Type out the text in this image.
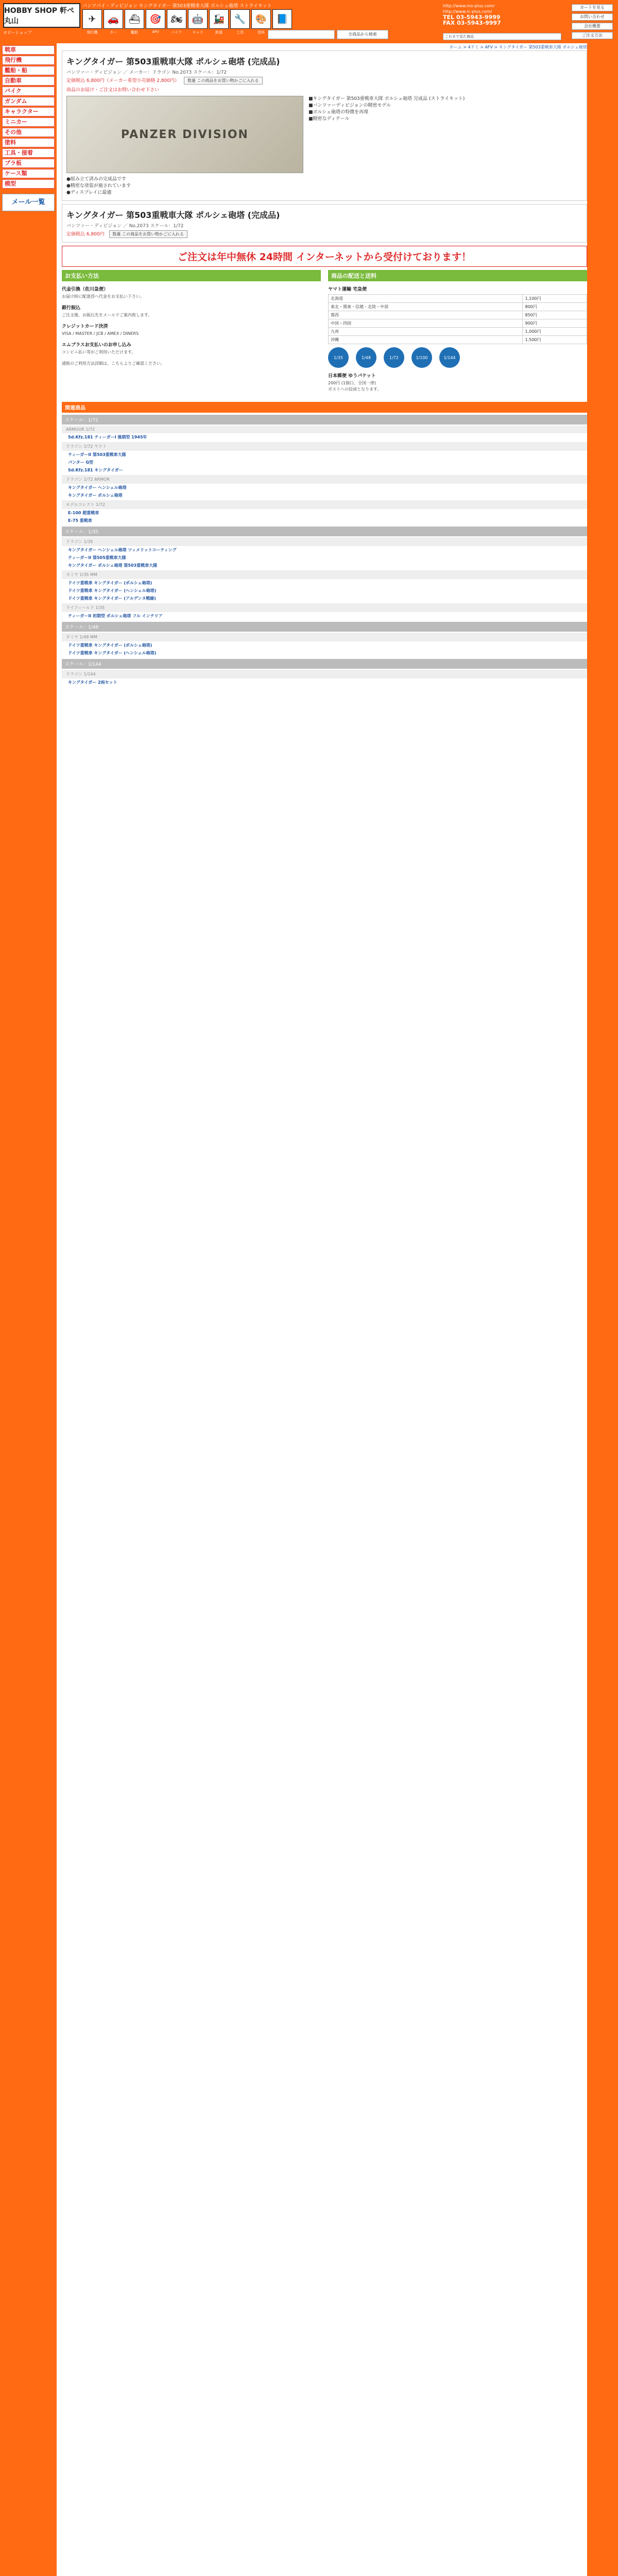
HOBBY SHOP 軒ぺ丸山
ホビーショップ
バンツパイ・ディビジョン キングタイガー 第503重戦車大隊 ポルシェ砲塔 ストライキット
✈	🚗	⛴	🎯	🏍	🤖	🚂	🔧	🎨	📘
飛行機	カー	艦船	AFV	バイク	キャラ	鉄道	工具	塗料	全商品から検索
http://www.mo-plus.com/
http://www.rc-plus.com/
TEL 03-5943-9999
FAX 03-5943-9997
これまで見た商品
カートを見る
お問い合わせ
会社概要
ご注文方法
戦車
飛行機
艦船・船
自動車
バイク
ガンダム
キャラクター
ミニカー
その他
塗料
工具・接着
ブラ板
ケース類
模型
メール一覧
ホーム > 4ドミ > AFV > キングタイガー 第503重戦車大隊 ポルシェ砲塔
キングタイガー 第503重戦車大隊 ポルシェ砲塔 (完成品)
パンツァー・ディビジョン ／ メーカー：ドラゴン No.2073 スケール：1/72
定価税込 6,800円（メーカー希望小売価格 2,800円） 数量 この商品をお買い物かごに入れる
商品のお届け・ご注文はお問い合わせ下さい
PANZER DIVISION
■キングタイガー 第503重戦車大隊 ポルシェ砲塔 完成品 (ストライキット)
■バンツァーディビジョンの精密モデル
■ポルシェ砲塔の特徴を再現
■精密なディテール
●組み立て済みの完成品です
●精密な塗装が施されています
●ディスプレイに最適
キングタイガー 第503重戦車大隊 ポルシェ砲塔 (完成品)
パンツァー・ディビジョン ／ No.2073 スケール：1/72
定価税込 6,800円 数量 この商品をお買い物かごに入れる
ご注文は年中無休 24時間 インターネットから受付けております！
お支払い方法
代金引換（佐川急便）
お届け時に配達員へ代金をお支払い下さい。
銀行振込
ご注文後、お振込先をメールでご案内致します。
クレジットカード決済
VISA / MASTER / JCB / AMEX / DINERS
エムブラスお支払いのお申し込み
コンビニ払い等がご利用いただけます。
通販のご利用方法詳細は、こちらよりご確認ください。
商品の配送と送料
ヤマト運輸 宅急便
北海道	1,100円
東北・関東・信越・北陸・中部	800円
関西	850円
中国・四国	900円
九州	1,000円
沖縄	1,500円
1/35	1/48	1/72	1/100	1/144
日本郵便 ゆうパケット
200円 (1個口、全国一律)
ポストへの投函となります。
関連商品
スケール：1/72
ARMOUR 1/72
Sd.Kfz.181 ティーガーI 後期型 1945年
ドラゴン 1/72 ヤクト
ティーガーII 第503重戦車大隊
パンター G型
Sd.Kfz.181 キングタイガー
ドラゴン 1/72 ARMOR
キングタイガー ヘンシェル砲塔
キングタイガー ポルシェ砲塔
モデルコレクト 1/72
E-100 超重戦車
E-75 重戦車
スケール：1/35
ドラゴン 1/35
キングタイガー ヘンシェル砲塔 ツィメリットコーティング
ティーガーII 第505重戦車大隊
キングタイガー ポルシェ砲塔 第503重戦車大隊
タミヤ 1/35 MM
ドイツ重戦車 キングタイガー (ポルシェ砲塔)
ドイツ重戦車 キングタイガー (ヘンシェル砲塔)
ドイツ重戦車 キングタイガー (アルデンヌ戦線)
ライフィールド 1/35
ティーガーII 初期型 ポルシェ砲塔 フル インテリア
スケール：1/48
タミヤ 1/48 MM
ドイツ重戦車 キングタイガー (ポルシェ砲塔)
ドイツ重戦車 キングタイガー (ヘンシェル砲塔)
スケール：1/144
ドラゴン 1/144
キングタイガー 2両セット
